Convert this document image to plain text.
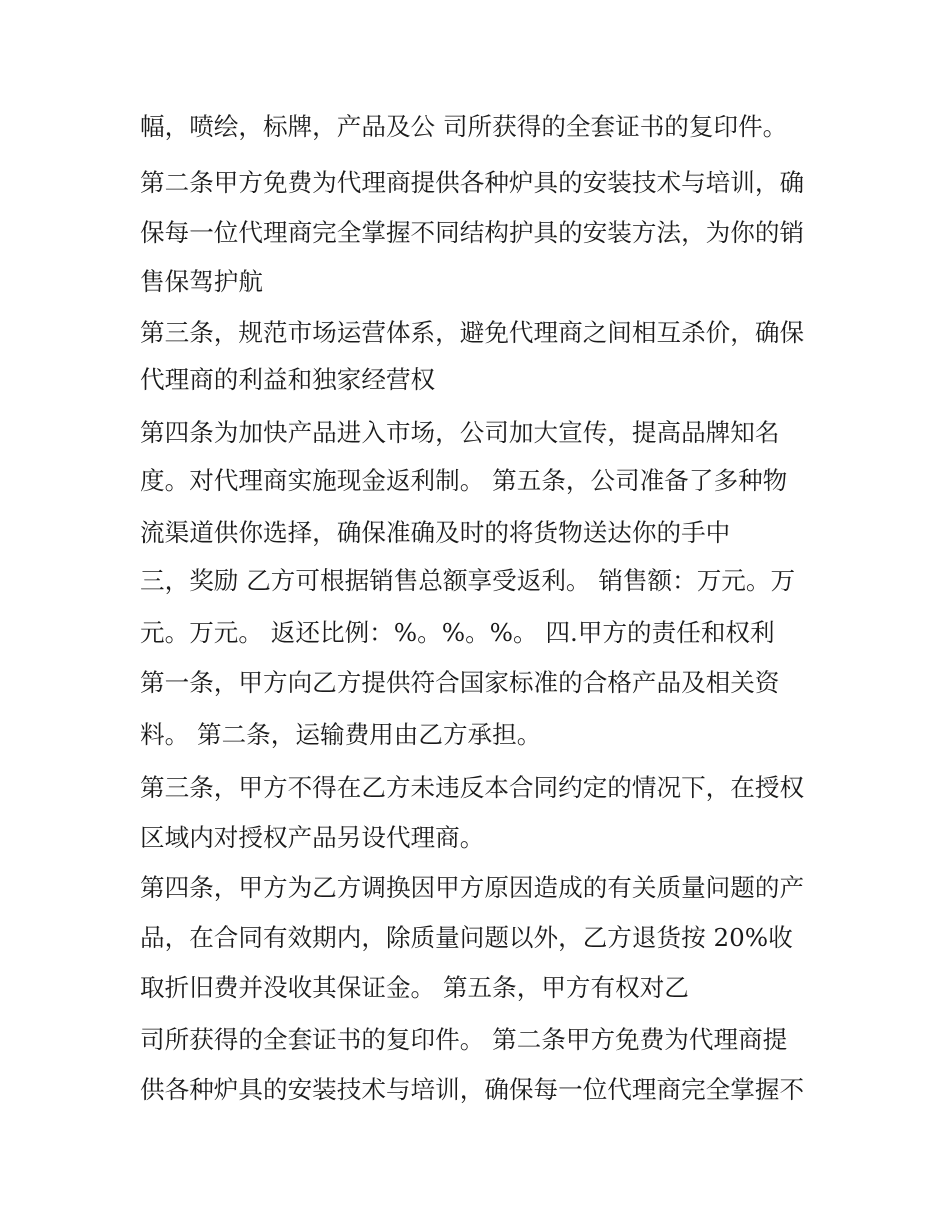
幅，喷绘，标牌，产品及公 司所获得的全套证书的复印件。
第二条甲方免费为代理商提供各种炉具的安装技术与培训，确
保每一位代理商完全掌握不同结构护具的安装方法，为你的销
售保驾护航
第三条，规范市场运营体系，避免代理商之间相互杀价，确保
代理商的利益和独家经营权
第四条为加快产品进入市场，公司加大宣传，提高品牌知名
度。对代理商实施现金返利制。 第五条，公司准备了多种物
流渠道供你选择，确保准确及时的将货物送达你的手中
三，奖励 乙方可根据销售总额享受返利。 销售额：万元。万
元。万元。 返还比例：%。%。%。 四.甲方的责任和权利
第一条，甲方向乙方提供符合国家标准的合格产品及相关资
料。 第二条，运输费用由乙方承担。
第三条，甲方不得在乙方未违反本合同约定的情况下，在授权
区域内对授权产品另设代理商。
第四条，甲方为乙方调换因甲方原因造成的有关质量问题的产
品，在合同有效期内，除质量问题以外，乙方退货按 20%收
取折旧费并没收其保证金。 第五条，甲方有权对乙
司所获得的全套证书的复印件。 第二条甲方免费为代理商提
供各种炉具的安装技术与培训，确保每一位代理商完全掌握不
